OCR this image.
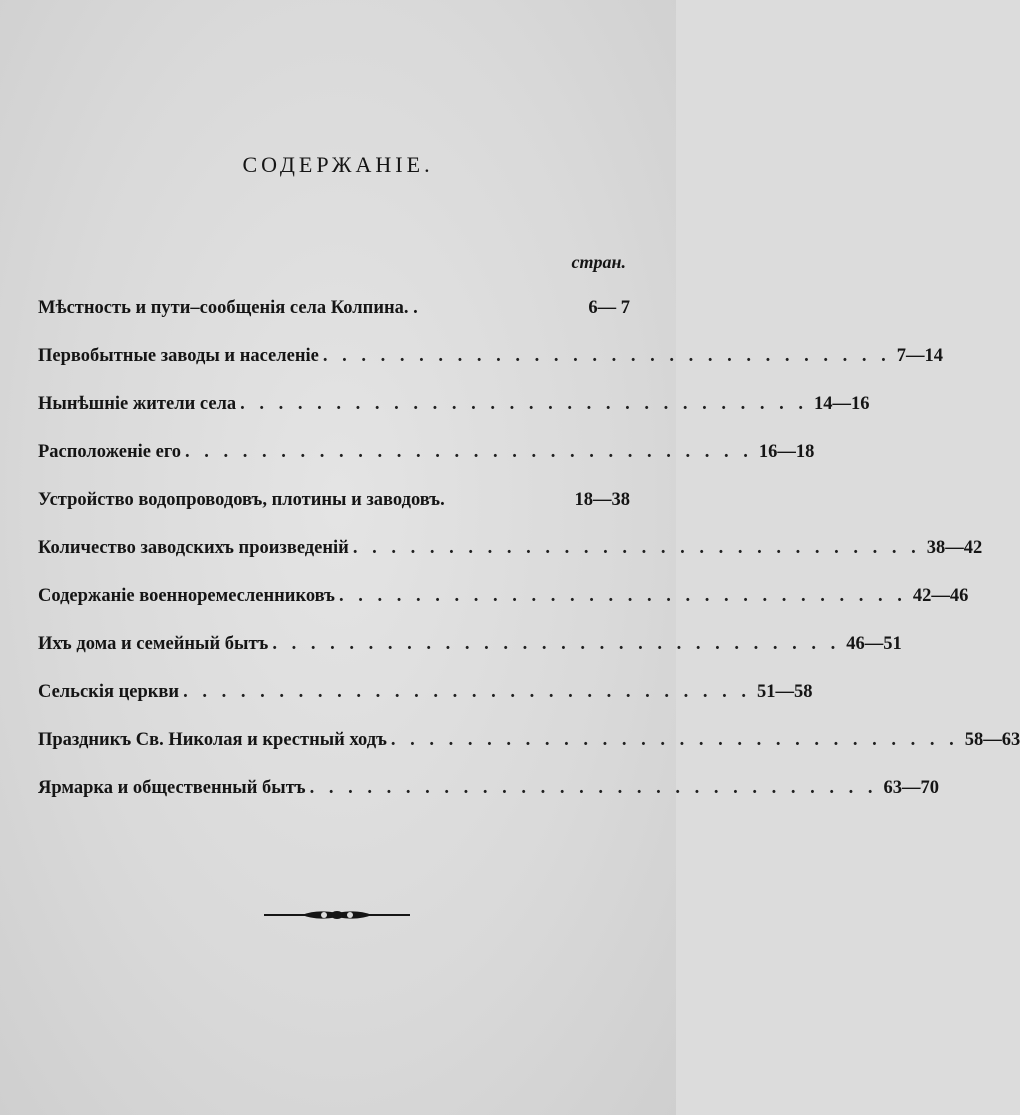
СОДЕРЖАНІЕ.
стран.
Мѣстность и пути–сообщенія села Колпина. .	6— 7
Первобытные заводы и населеніе . . . . . . . . . . . . . . . . . . . . . . . . . . . . . . 7—14
Нынѣшніе жители села . . . . . . . . . . . . . . . . . . . . . . . . . . . . . . 14—16
Расположеніе его . . . . . . . . . . . . . . . . . . . . . . . . . . . . . . 16—18
Устройство водопроводовъ, плотины и заводовъ.	18—38
Количество заводскихъ произведеній . . . . . . . . . . . . . . . . . . . . . . . . . . . . . . 38—42
Содержаніе военноремесленниковъ . . . . . . . . . . . . . . . . . . . . . . . . . . . . . . 42—46
Ихъ дома и семейный бытъ . . . . . . . . . . . . . . . . . . . . . . . . . . . . . . 46—51
Сельскія церкви . . . . . . . . . . . . . . . . . . . . . . . . . . . . . . 51—58
Праздникъ Св. Николая и крестный ходъ . . . . . . . . . . . . . . . . . . . . . . . . . . . . . . 58—63
Ярмарка и общественный бытъ . . . . . . . . . . . . . . . . . . . . . . . . . . . . . . 63—70
